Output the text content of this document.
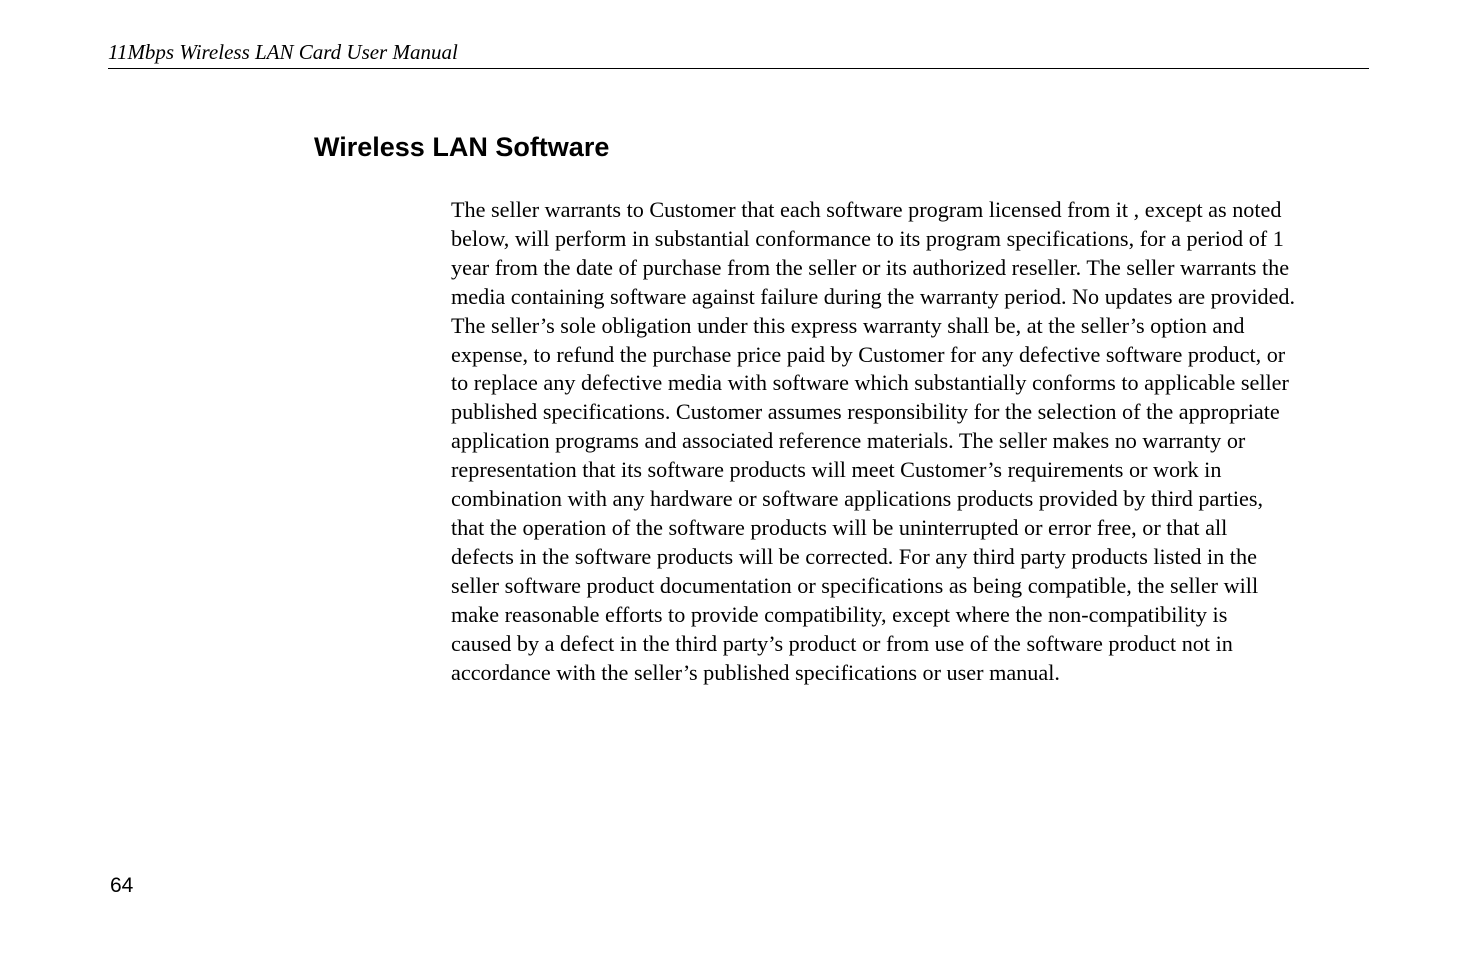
11Mbps Wireless LAN Card User Manual
Wireless LAN Software
The seller warrants to Customer that each software program licensed from it , except as noted
below, will perform in substantial conformance to its program specifications, for a period of 1
year from the date of purchase from the seller or its authorized reseller. The seller warrants the
media containing software against failure during the warranty period. No updates are provided.
The seller’s sole obligation under this express warranty shall be, at the seller’s option and
expense, to refund the purchase price paid by Customer for any defective software product, or
to replace any defective media with software which substantially conforms to applicable seller
published specifications. Customer assumes responsibility for the selection of the appropriate
application programs and associated reference materials. The seller makes no warranty or
representation that its software products will meet Customer’s requirements or work in
combination with any hardware or software applications products provided by third parties,
that the operation of the software products will be uninterrupted or error free, or that all
defects in the software products will be corrected. For any third party products listed in the
seller software product documentation or specifications as being compatible, the seller will
make reasonable efforts to provide compatibility, except where the non-compatibility is
caused by a defect in the third party’s product or from use of the software product not in
accordance with the seller’s published specifications or user manual.
64
